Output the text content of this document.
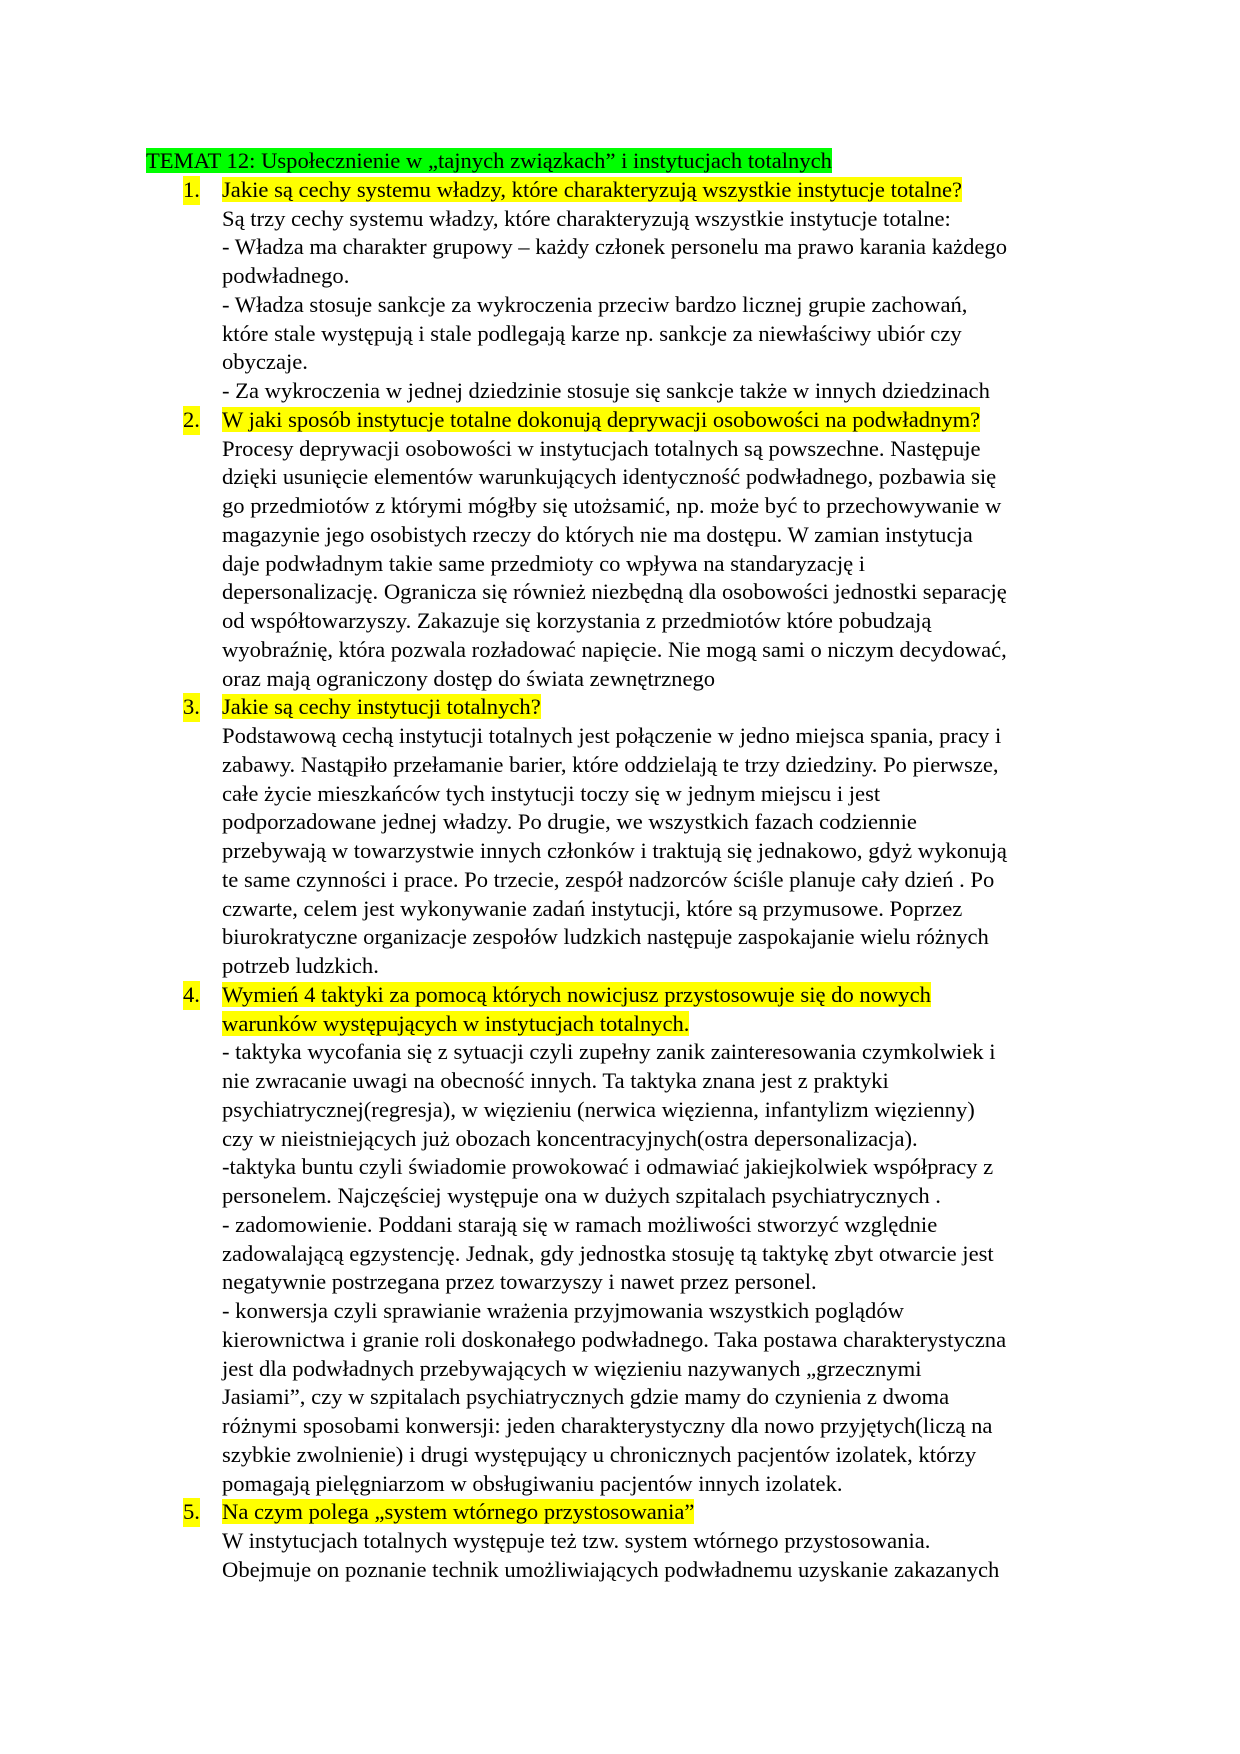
TEMAT 12: Uspołecznienie w „tajnych związkach” i instytucjach totalnych

1. Jakie są cechy systemu władzy, które charakteryzują wszystkie instytucje totalne?

Są trzy cechy systemu władzy, które charakteryzują wszystkie instytucje totalne:
- Władza ma charakter grupowy – każdy członek personelu ma prawo karania każdego
podwładnego.
- Władza stosuje sankcje za wykroczenia przeciw bardzo licznej grupie zachowań,
które stale występują i stale podlegają karze np. sankcje za niewłaściwy ubiór czy
obyczaje.
- Za wykroczenia w jednej dziedzinie stosuje się sankcje także w innych dziedzinach

2. W jaki sposób instytucje totalne dokonują deprywacji osobowości na podwładnym?

Procesy deprywacji osobowości w instytucjach totalnych są powszechne. Następuje
dzięki usunięcie elementów warunkujących identyczność podwładnego, pozbawia się
go przedmiotów z którymi mógłby się utożsamić, np. może być to przechowywanie w
magazynie jego osobistych rzeczy do których nie ma dostępu. W zamian instytucja
daje podwładnym takie same przedmioty co wpływa na standaryzację i
depersonalizację. Ogranicza się również niezbędną dla osobowości jednostki separację
od współtowarzyszy. Zakazuje się korzystania z przedmiotów które pobudzają
wyobraźnię, która pozwala rozładować napięcie. Nie mogą sami o niczym decydować,
oraz mają ograniczony dostęp do świata zewnętrznego

3. Jakie są cechy instytucji totalnych?

Podstawową cechą instytucji totalnych jest połączenie w jedno miejsca spania, pracy i
zabawy. Nastąpiło przełamanie barier, które oddzielają te trzy dziedziny. Po pierwsze,
całe życie mieszkańców tych instytucji toczy się w jednym miejscu i jest
podporzadowane jednej władzy. Po drugie, we wszystkich fazach codziennie
przebywają w towarzystwie innych członków i traktują się jednakowo, gdyż wykonują
te same czynności i prace. Po trzecie, zespół nadzorców ściśle planuje cały dzień . Po
czwarte, celem jest wykonywanie zadań instytucji, które są przymusowe. Poprzez
biurokratyczne organizacje zespołów ludzkich następuje zaspokajanie wielu różnych
potrzeb ludzkich.

4. Wymień 4 taktyki za pomocą których nowicjusz przystosowuje się do nowych
warunków występujących w instytucjach totalnych.

- taktyka wycofania się z sytuacji czyli zupełny zanik zainteresowania czymkolwiek i
nie zwracanie uwagi na obecność innych. Ta taktyka znana jest z praktyki
psychiatrycznej(regresja), w więzieniu (nerwica więzienna, infantylizm więzienny)
czy w nieistniejących już obozach koncentracyjnych(ostra depersonalizacja).
-taktyka buntu czyli świadomie prowokować i odmawiać jakiejkolwiek współpracy z
personelem. Najczęściej występuje ona w dużych szpitalach psychiatrycznych .
- zadomowienie. Poddani starają się w ramach możliwości stworzyć względnie
zadowalającą egzystencję. Jednak, gdy jednostka stosuję tą taktykę zbyt otwarcie jest
negatywnie postrzegana przez towarzyszy i nawet przez personel.
- konwersja czyli sprawianie wrażenia przyjmowania wszystkich poglądów
kierownictwa i granie roli doskonałego podwładnego. Taka postawa charakterystyczna
jest dla podwładnych przebywających w więzieniu nazywanych „grzecznymi
Jasiami”, czy w szpitalach psychiatrycznych gdzie mamy do czynienia z dwoma
różnymi sposobami konwersji: jeden charakterystyczny dla nowo przyjętych(liczą na
szybkie zwolnienie) i drugi występujący u chronicznych pacjentów izolatek, którzy
pomagają pielęgniarzom w obsługiwaniu pacjentów innych izolatek.

5. Na czym polega „system wtórnego przystosowania”

W instytucjach totalnych występuje też tzw. system wtórnego przystosowania.
Obejmuje on poznanie technik umożliwiających podwładnemu uzyskanie zakazanych
